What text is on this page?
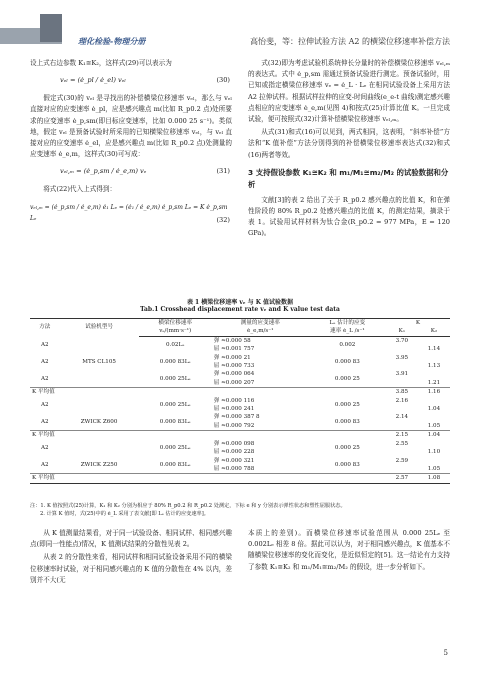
理化检验-物理分册	高怡斐，等：拉伸试验方法 A2 的横梁位移速率补偿方法

设上式右边参数 K₁≅K₂，这样式(29)可以表示为

vₑₗ = (ė_pl / ė_el) vₑₗ	(30)

假定式(30)的 vₑₗ 是寻找出的补偿横梁位移速率 vₑₗ，那么与 vₑₗ 直接对应的应变速率 ė_pl，应是感兴趣点 m(比如 R_p0.2 点)处所要求的应变速率 ė_p,sm(即目标应变速率，比如 0.000 25 s⁻¹)。类似地，假定 vₑₗ 是预备试验时所采用的已知横梁位移速率 vₑₗ，与 vₑₗ 直接对应的应变速率 ė_el，应是感兴趣点 m(比如 R_p0.2 点)处测量的应变速率 ė_e,m，这样式(30)可写成：

vₑₗ,ₘ = (ė_p,sm / ė_e,m) vₑ	(31)

将式(22)代入上式得到：

vₑₗ,ₘ = (ė_p,sm / ė_e,m) ė₁ Lₑ = (ė₁ / ė_e,m) ė_p,sm Lₑ = K ė_p,sm Lₑ	(32)

式(32)即为考虑试验机系统伸长分量时的补偿横梁位移速率 vₑₗ,ₘ 的表达式。式中 ė_p,sm 需通过预备试验进行测定。预备试验时，用已知或指定横梁位移速率 vₑ = ė_L · Lₑ 在相同试验设备上采用方法 A2 拉伸试样。根据试样拉伸的应变-时间曲线(e_e-t 曲线)测定感兴趣点相应的应变速率 ė_e,m(见图 4)和按式(25)计算比值 K。一旦完成试验，便可按照式(32)计算补偿横梁位移速率 vₑₗ,ₘ。

从式(31)和式(16)可以见到，两式相同，这表明，“斜率补偿”方法和“K 值补偿”方法分别得到的补偿横梁位移速率表达式(32)和式(16)两者等效。

3 支持假设参数 K₁≅K₂ 和 m₁/M₁≅m₂/M₂ 的试验数据和分析

文献[3]的表 2 给出了关于 R_p0.2 感兴趣点的比值 K，和在弹性阶段的 80% R_p0.2 处感兴趣点的比值 K，的测定结果，摘录于表 1。试验用试样材料为钛合金(R_p0.2 = 977 MPa，E = 120 GPa)。

表 1 横梁位移速率 vₑ 与 K 值试验数据
Tab.1 Crosshead displacement rate vₑ and K value test data
方法	试验机型号	横梁位移速率	测量的应变速率	Lₑ 估计的应变	K	
		vₑ/(mm·s⁻¹)	ė_e,m/s⁻¹	速率 ė_L /s⁻¹	K₁	K₂
A2		0.02Lₑ	弹 ≈0.000 58	0.002	3.70	
			屈 ≈0.001 757			1.14
A2	MTS CL105	0.000 83Lₑ	弹 ≈0.000 21	0.000 83	3.95	
			屈 ≈0.000 733			1.13
A2		0.000 25Lₑ	弹 ≈0.000 064	0.000 25	3.91	
			屈 ≈0.000 207			1.21
K 平均值					3.85	1.16
A2		0.000 25Lₑ	弹 ≈0.000 116	0.000 25	2.16	
			屈 ≈0.000 241			1.04
A2	ZWICK Z600	0.000 83Lₑ	弹 ≈0.000 387 8	0.000 83	2.14	
			屈 ≈0.000 792			1.05
K 平均值					2.15	1.04
A2		0.000 25Lₑ	弹 ≈0.000 098	0.000 25	2.55	
			屈 ≈0.000 228			1.10
A2	ZWICK Z250	0.000 83Lₑ	弹 ≈0.000 321	0.000 83	2.59	
			屈 ≈0.000 788			1.05
K 平均值					2.57	1.08
注：1. K 值按照式(25)计算，K₁ 和 K₂ 分别为相应于 80% R_p0.2 和 R_p0.2 处测定，下标 e 和 y 分别表示弹性状态和塑性屈服状态。
2. 计算 K 值时，式(25)中的 ė_L 采用了表文献[即 Lₑ 估计的应变速率]。

从 K 值测量结果看，对于同一试验设备、相同试样、相同感兴趣点(即同一性能点)情况，K 值测试结果的分散性见表 2。

从表 2 的分散性来看，相同试样和相同试验设备采用不同的横梁位移速率时试验，对于相同感兴趣点的 K 值的分散性在 4% 以内，差别并不大(无

本质上的差别)。而横梁位移速率试验范围从 0.000 25Lₑ 至 0.002Lₑ 相差 8 倍。据此可以认为，对于相同感兴趣点，K 值基本不随横梁位移速率的变化而变化，是近似恒定的[5]。这一结论有力支持了参数 K₁≅K₂ 和 m₁/M₁≅m₂/M₂ 的假设，进一步分析如下。

5
